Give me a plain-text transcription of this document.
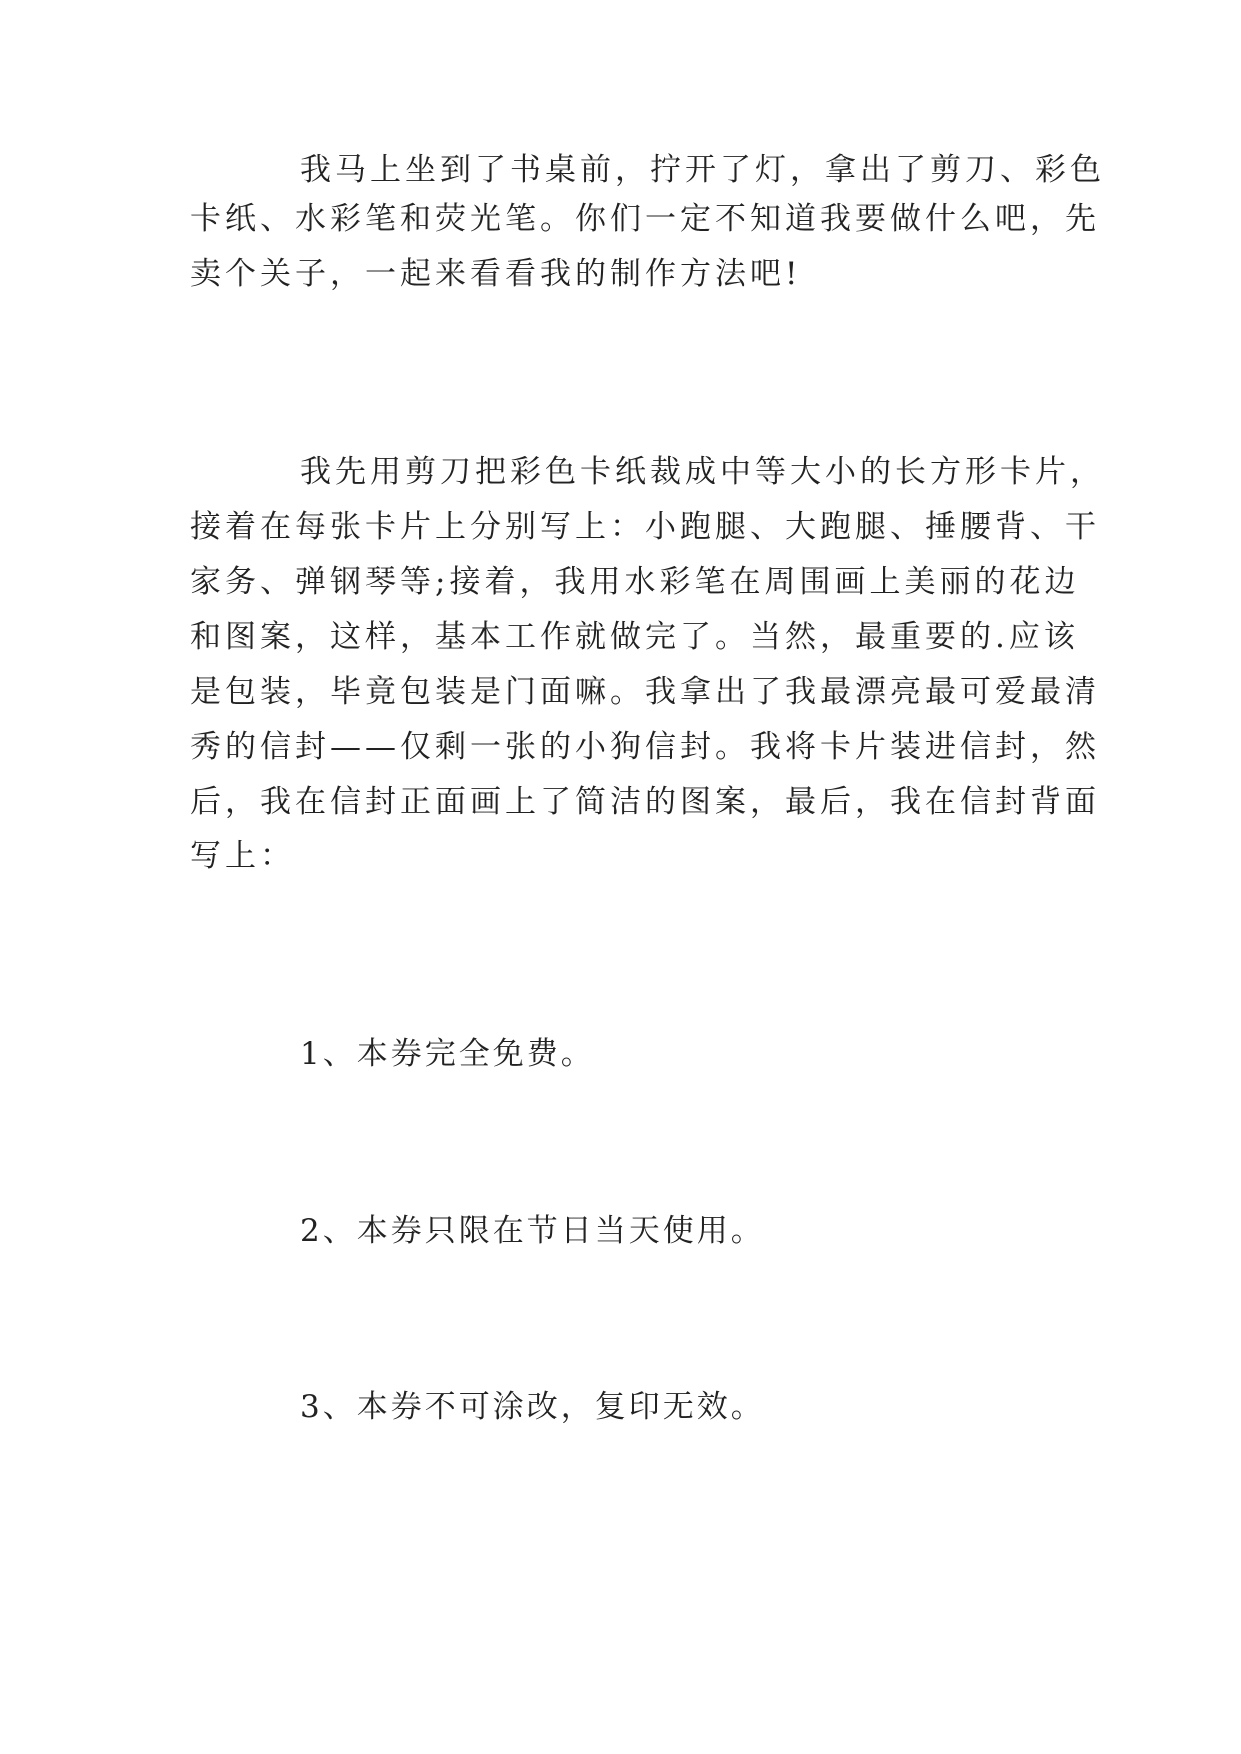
我马上坐到了书桌前，拧开了灯，拿出了剪刀、彩色
卡纸、水彩笔和荧光笔。你们一定不知道我要做什么吧，先
卖个关子，一起来看看我的制作方法吧!
我先用剪刀把彩色卡纸裁成中等大小的长方形卡片，
接着在每张卡片上分别写上：小跑腿、大跑腿、捶腰背、干
家务、弹钢琴等;接着，我用水彩笔在周围画上美丽的花边
和图案，这样，基本工作就做完了。当然，最重要的.应该
是包装，毕竟包装是门面嘛。我拿出了我最漂亮最可爱最清
秀的信封——仅剩一张的小狗信封。我将卡片装进信封，然
后，我在信封正面画上了简洁的图案，最后，我在信封背面
写上：
1、本券完全免费。
2、本券只限在节日当天使用。
3、本券不可涂改，复印无效。
